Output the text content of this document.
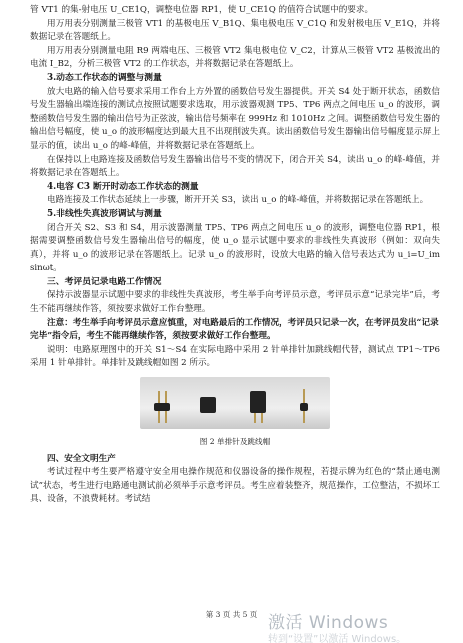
管 VT1 的集-射电压 U_CE1Q，调整电位器 RP1，使 U_CE1Q 的值符合试题中的要求。

用万用表分别测量三极管 VT1 的基极电压 V_B1Q、集电极电压 V_C1Q 和发射极电压 V_E1Q，并将数据记录在答题纸上。

用万用表分别测量电阻 R9 两端电压、三极管 VT2 集电极电位 V_C2，计算从三极管 VT2 基极流出的电流 I_B2，分析三极管 VT2 的工作状态，并将数据记录在答题纸上。

3.动态工作状态的调整与测量

放大电路的输入信号要求采用工作台上方外置的函数信号发生器提供。开关 S4 处于断开状态，函数信号发生器输出端连接的测试点按照试题要求选取，用示波器观测 TP5、TP6 两点之间电压 u_o 的波形，调整函数信号发生器的输出信号为正弦波，输出信号频率在 999Hz 和 1010Hz 之间。调整函数信号发生器的输出信号幅度，使 u_o 的波形幅度达到最大且不出现削波失真。读出函数信号发生器输出信号幅度显示屏上显示的值，读出 u_o 的峰-峰值，并将数据记录在答题纸上。

在保持以上电路连接及函数信号发生器输出信号不变的情况下，闭合开关 S4，读出 u_o 的峰-峰值，并将数据记录在答题纸上。

4.电容 C3 断开时动态工作状态的测量

电路连接及工作状态延续上一步骤，断开开关 S3，读出 u_o 的峰-峰值，并将数据记录在答题纸上。

5.非线性失真波形调试与测量

闭合开关 S2、S3 和 S4，用示波器测量 TP5、TP6 两点之间电压 u_o 的波形，调整电位器 RP1，根据需要调整函数信号发生器输出信号的幅度，使 u_o 显示试题中要求的非线性失真波形（例如：双向失真），并将 u_o 的波形记录在答题纸上。记录 u_o 的波形时，设放大电路的输入信号表达式为 u_i=U_im sinωt。

三、考评员记录电路工作情况

保持示波器显示试题中要求的非线性失真波形，考生举手向考评员示意，考评员示意“记录完毕”后，考生不能再继续作答，须按要求做好工作台整理。

注意：考生举手向考评员示意应慎重，对电路最后的工作情况，考评员只记录一次，在考评员发出“记录完毕”指令后，考生不能再继续作答，须按要求做好工作台整理。

说明：电路原理图中的开关 S1～S4 在实际电路中采用 2 针单排针加跳线帽代替，测试点 TP1～TP6 采用 1 针单排针。单排针及跳线帽如图 2 所示。

图 2 单排针及跳线帽

四、安全文明生产

考试过程中考生要严格遵守安全用电操作规范和仪器设备的操作规程，若提示牌为红色的“禁止通电测试”状态，考生进行电路通电测试前必须举手示意考评员。考生应着装整齐，规范操作，工位整洁，不损坏工具、设备，不浪费耗材。考试结

第 3 页 共 5 页 激活 Windows
转到“设置”以激活 Windows。
